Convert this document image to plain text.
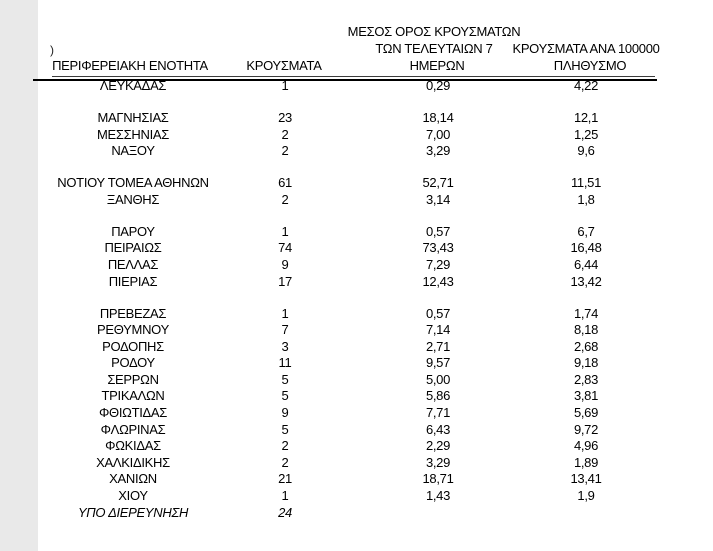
)
ΜΕΣΟΣ ΟΡΟΣ ΚΡΟΥΣΜΑΤΩΝ
ΤΩΝ ΤΕΛΕΥΤΑΙΩΝ 7 ΚΡΟΥΣΜΑΤΑ ΑΝΑ 100000
ΠΕΡΙΦΕΡΕΙΑΚΗ ΕΝΟΤΗΤΑ	ΚΡΟΥΣΜΑΤΑ	ΗΜΕΡΩΝ	ΠΛΗΘΥΣΜΟ
ΛΕΥΚΑΔΑΣ	1	0,29	4,22
ΜΑΓΝΗΣΙΑΣ	23	18,14	12,1
ΜΕΣΣΗΝΙΑΣ	2	7,00	1,25
ΝΑΞΟΥ	2	3,29	9,6
ΝΟΤΙΟΥ ΤΟΜΕΑ ΑΘΗΝΩΝ	61	52,71	11,51
ΞΑΝΘΗΣ	2	3,14	1,8
ΠΑΡΟΥ	1	0,57	6,7
ΠΕΙΡΑΙΩΣ	74	73,43	16,48
ΠΕΛΛΑΣ	9	7,29	6,44
ΠΙΕΡΙΑΣ	17	12,43	13,42
ΠΡΕΒΕΖΑΣ	1	0,57	1,74
ΡΕΘΥΜΝΟΥ	7	7,14	8,18
ΡΟΔΟΠΗΣ	3	2,71	2,68
ΡΟΔΟΥ	11	9,57	9,18
ΣΕΡΡΩΝ	5	5,00	2,83
ΤΡΙΚΑΛΩΝ	5	5,86	3,81
ΦΘΙΩΤΙΔΑΣ	9	7,71	5,69
ΦΛΩΡΙΝΑΣ	5	6,43	9,72
ΦΩΚΙΔΑΣ	2	2,29	4,96
ΧΑΛΚΙΔΙΚΗΣ	2	3,29	1,89
ΧΑΝΙΩΝ	21	18,71	13,41
ΧΙΟΥ	1	1,43	1,9
ΥΠΟ ΔΙΕΡΕΥΝΗΣΗ	24
